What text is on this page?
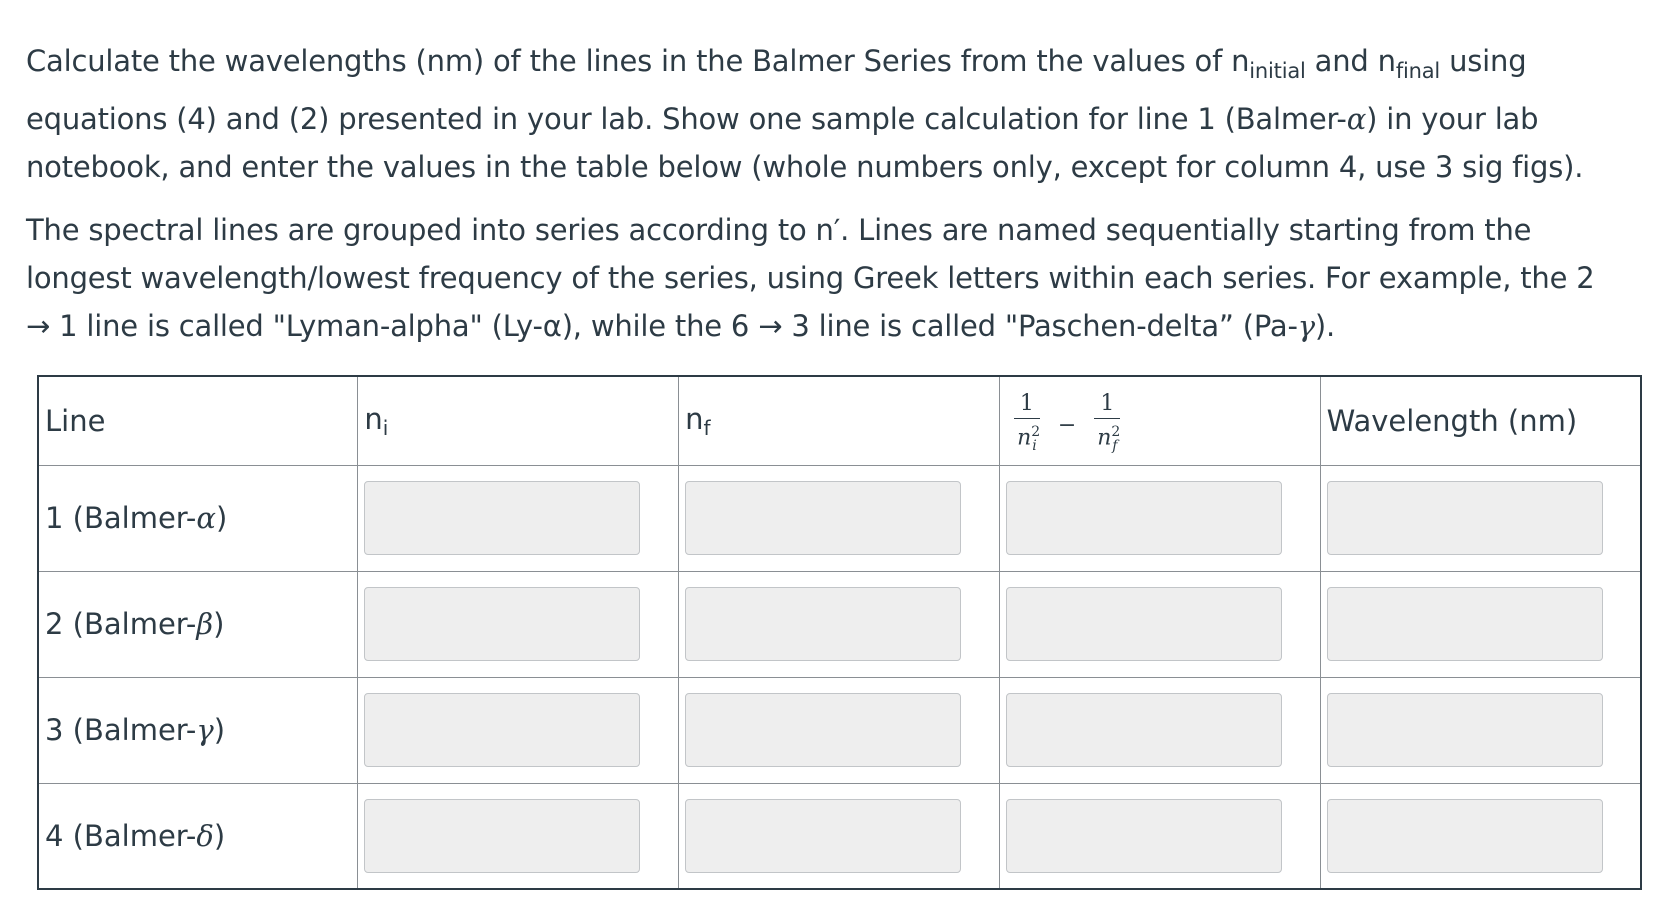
Calculate the wavelengths (nm) of the lines in the Balmer Series from the values of $n_{initial}$ and $n_{final}$ using equations (4) and (2) presented in your lab. Show one sample calculation for line 1 (Balmer-α) in your lab notebook, and enter the values in the table below (whole numbers only, except for column 4, use 3 sig figs).
The spectral lines are grouped into series according to n′. Lines are named sequentially starting from the longest wavelength/lowest frequency of the series, using Greek letters within each series. For example, the 2 → 1 line is called "Lyman-alpha" (Ly-α), while the 6 → 3 line is called "Paschen-delta” (Pa-γ).
Line	$n_i$	$n_f$	$\frac{1}{n^2_i} - \frac{1}{n^2_f}$	Wavelength (nm)
1 (Balmer-α)	

2 (Balmer-β)	

3 (Balmer-γ)	

4 (Balmer-δ)	
